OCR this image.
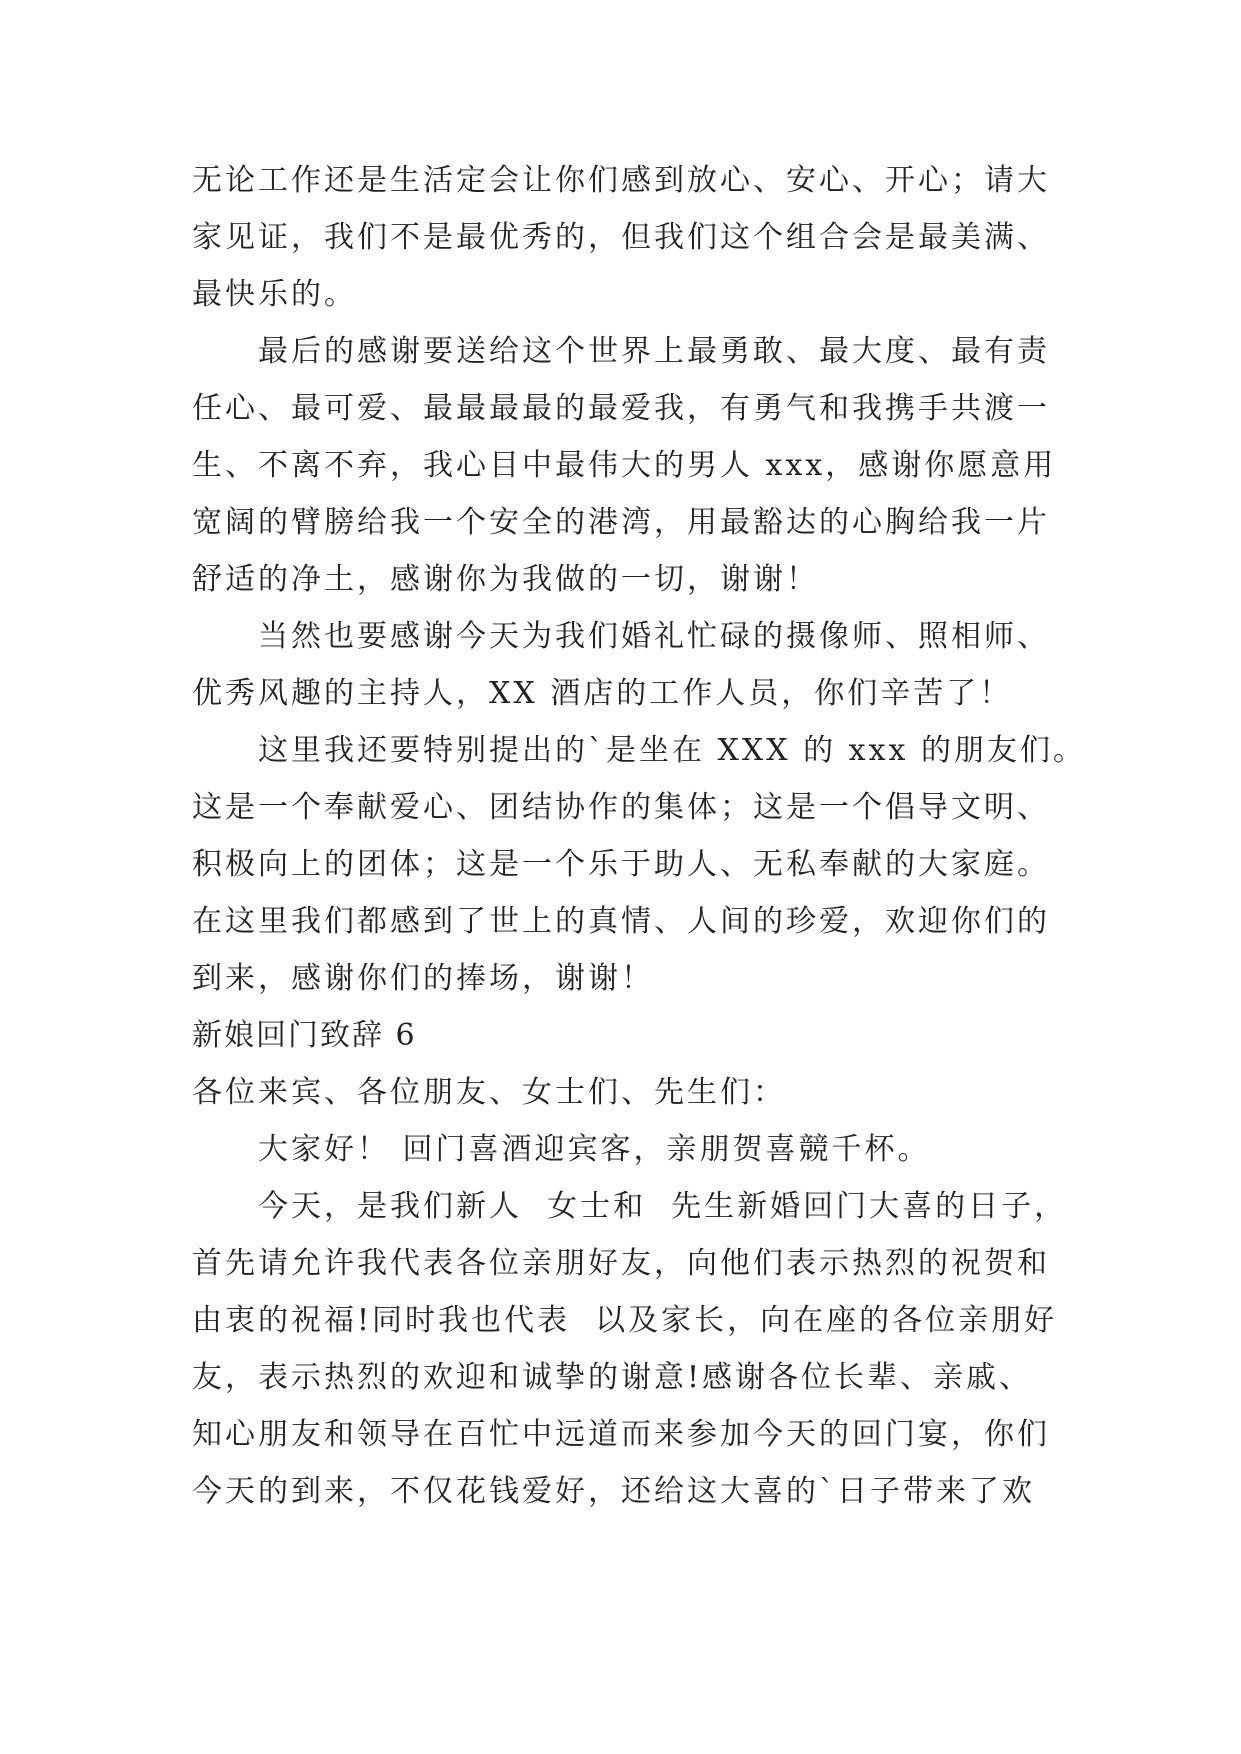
无论工作还是生活定会让你们感到放心、安心、开心；请大
家见证，我们不是最优秀的，但我们这个组合会是最美满、
最快乐的。
最后的感谢要送给这个世界上最勇敢、最大度、最有责
任心、最可爱、最最最最的最爱我，有勇气和我携手共渡一
生、不离不弃，我心目中最伟大的男人 xxx，感谢你愿意用
宽阔的臂膀给我一个安全的港湾，用最豁达的心胸给我一片
舒适的净土，感谢你为我做的一切，谢谢！
当然也要感谢今天为我们婚礼忙碌的摄像师、照相师、
优秀风趣的主持人，XX 酒店的工作人员，你们辛苦了！
这里我还要特别提出的`是坐在 XXX 的 xxx 的朋友们。
这是一个奉献爱心、团结协作的集体；这是一个倡导文明、
积极向上的团体；这是一个乐于助人、无私奉献的大家庭。
在这里我们都感到了世上的真情、人间的珍爱，欢迎你们的
到来，感谢你们的捧场，谢谢！
新娘回门致辞 6
各位来宾、各位朋友、女士们、先生们：
大家好！ 回门喜酒迎宾客，亲朋贺喜競千杯。
今天，是我们新人  女士和  先生新婚回门大喜的日子，
首先请允许我代表各位亲朋好友，向他们表示热烈的祝贺和
由衷的祝福!同时我也代表  以及家长，向在座的各位亲朋好
友，表示热烈的欢迎和诚挚的谢意!感谢各位长辈、亲戚、
知心朋友和领导在百忙中远道而来参加今天的回门宴，你们
今天的到来，不仅花钱爱好，还给这大喜的`日子带来了欢
